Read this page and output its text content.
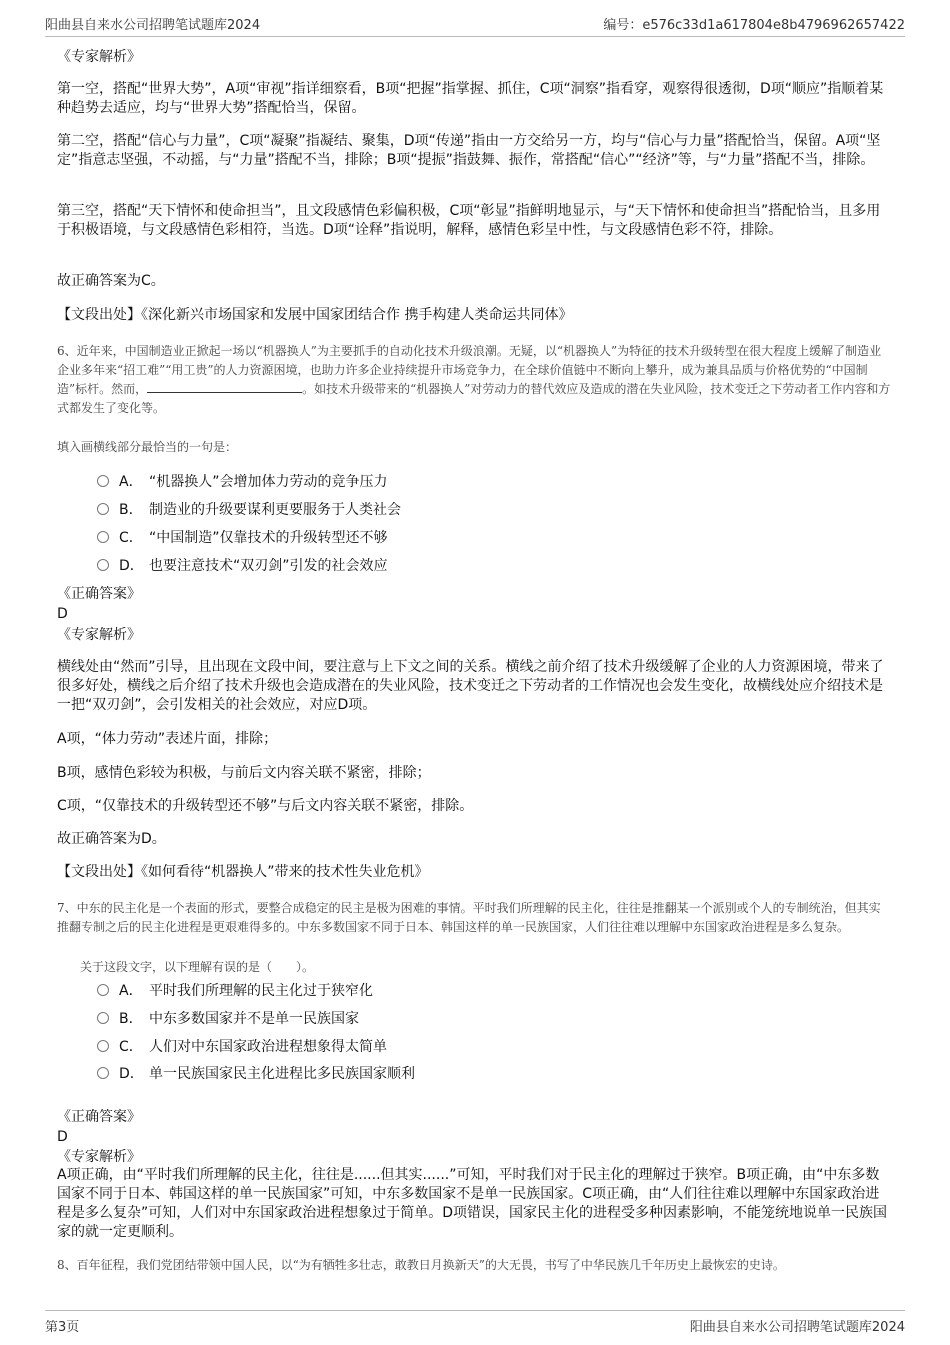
阳曲县自来水公司招聘笔试题库2024	编号：e576c33d1a617804e8b4796962657422
《专家解析》
第一空，搭配“世界大势”，A项“审视”指详细察看，B项“把握”指掌握、抓住，C项“洞察”指看穿，观察得很透彻，D项“顺应”指顺着某种趋势去适应，均与“世界大势”搭配恰当，保留。
第二空，搭配“信心与力量”，C项“凝聚”指凝结、聚集，D项“传递”指由一方交给另一方，均与“信心与力量”搭配恰当，保留。A项“坚定”指意志坚强，不动摇，与“力量”搭配不当，排除；B项“提振”指鼓舞、振作，常搭配“信心”“经济”等，与“力量”搭配不当，排除。
第三空，搭配“天下情怀和使命担当”，且文段感情色彩偏积极，C项“彰显”指鲜明地显示，与“天下情怀和使命担当”搭配恰当，且多用于积极语境，与文段感情色彩相符，当选。D项“诠释”指说明，解释，感情色彩呈中性，与文段感情色彩不符，排除。
故正确答案为C。
【文段出处】《深化新兴市场国家和发展中国家团结合作 携手构建人类命运共同体》
6、近年来，中国制造业正掀起一场以“机器换人”为主要抓手的自动化技术升级浪潮。无疑，以“机器换人”为特征的技术升级转型在很大程度上缓解了制造业企业多年来“招工难”“用工贵”的人力资源困境，也助力许多企业持续提升市场竞争力，在全球价值链中不断向上攀升，成为兼具品质与价格优势的“中国制造”标杆。然而，	。如技术升级带来的“机器换人”对劳动力的替代效应及造成的潜在失业风险，技术变迁之下劳动者工作内容和方式都发生了变化等。
填入画横线部分最恰当的一句是：
A． “机器换人”会增加体力劳动的竞争压力
B． 制造业的升级要谋利更要服务于人类社会
C． “中国制造”仅靠技术的升级转型还不够
D． 也要注意技术“双刃剑”引发的社会效应
《正确答案》
D
《专家解析》
横线处由“然而”引导，且出现在文段中间，要注意与上下文之间的关系。横线之前介绍了技术升级缓解了企业的人力资源困境，带来了很多好处，横线之后介绍了技术升级也会造成潜在的失业风险，技术变迁之下劳动者的工作情况也会发生变化，故横线处应介绍技术是一把“双刃剑”，会引发相关的社会效应，对应D项。
A项，“体力劳动”表述片面，排除；
B项，感情色彩较为积极，与前后文内容关联不紧密，排除；
C项，“仅靠技术的升级转型还不够”与后文内容关联不紧密，排除。
故正确答案为D。
【文段出处】《如何看待“机器换人”带来的技术性失业危机》
7、中东的民主化是一个表面的形式，要整合成稳定的民主是极为困难的事情。平时我们所理解的民主化，往往是推翻某一个派别或个人的专制统治，但其实推翻专制之后的民主化进程是更艰难得多的。中东多数国家不同于日本、韩国这样的单一民族国家，人们往往难以理解中东国家政治进程是多么复杂。
关于这段文字，以下理解有误的是（　　）。
A． 平时我们所理解的民主化过于狭窄化
B． 中东多数国家并不是单一民族国家
C． 人们对中东国家政治进程想象得太简单
D． 单一民族国家民主化进程比多民族国家顺利
《正确答案》
D
《专家解析》
A项正确，由“平时我们所理解的民主化，往往是......但其实......”可知，平时我们对于民主化的理解过于狭窄。B项正确，由“中东多数国家不同于日本、韩国这样的单一民族国家”可知，中东多数国家不是单一民族国家。C项正确，由“人们往往难以理解中东国家政治进程是多么复杂”可知，人们对中东国家政治进程想象过于简单。D项错误，国家民主化的进程受多种因素影响，不能笼统地说单一民族国家的就一定更顺利。
8、百年征程，我们党团结带领中国人民，以“为有牺牲多壮志，敢教日月换新天”的大无畏，书写了中华民族几千年历史上最恢宏的史诗。
第3页	阳曲县自来水公司招聘笔试题库2024
